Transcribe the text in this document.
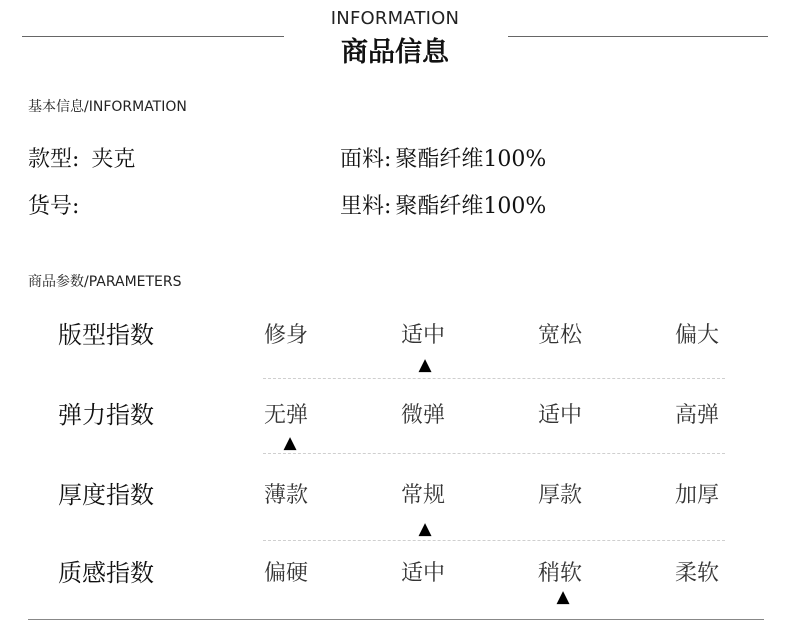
INFORMATION
商品信息
基本信息/INFORMATION
款型: 夹克	面料: 聚酯纤维100%
货号:	里料: 聚酯纤维100%
商品参数/PARAMETERS
版型指数	修身	适中	宽松	偏大
▲
弹力指数	无弹	微弹	适中	高弹
▲
厚度指数	薄款	常规	厚款	加厚
▲
质感指数	偏硬	适中	稍软	柔软
▲
